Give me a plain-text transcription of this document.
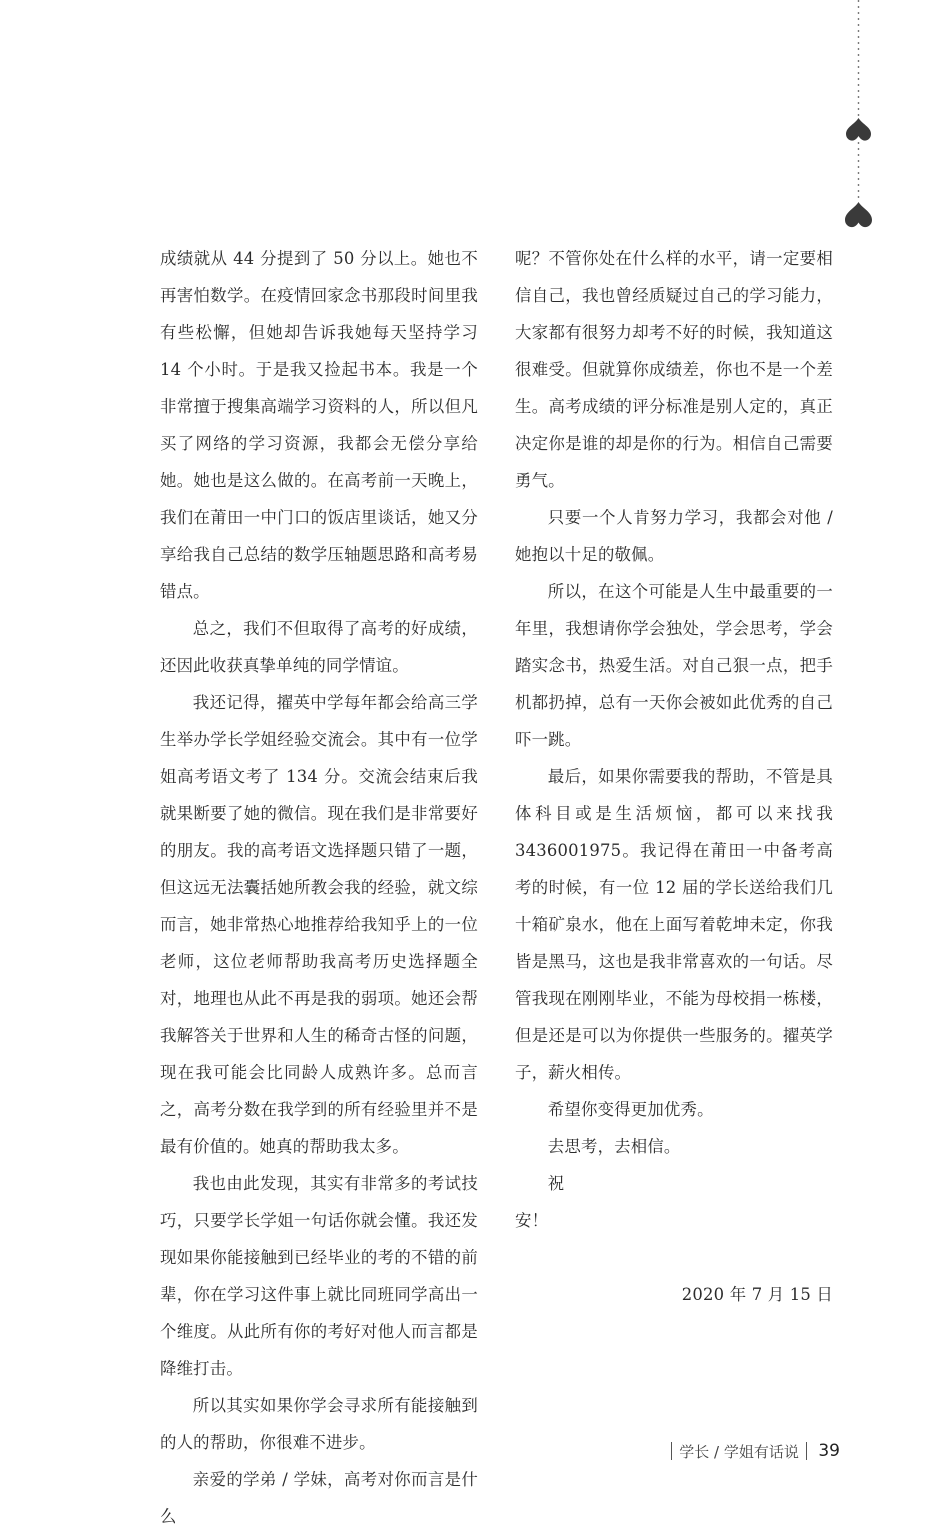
成绩就从 44 分提到了 50 分以上。她也不再害怕数学。在疫情回家念书那段时间里我有些松懈，但她却告诉我她每天坚持学习 14 个小时。于是我又捡起书本。我是一个非常擅于搜集高端学习资料的人，所以但凡买了网络的学习资源，我都会无偿分享给她。她也是这么做的。在高考前一天晚上，我们在莆田一中门口的饭店里谈话，她又分享给我自己总结的数学压轴题思路和高考易错点。

总之，我们不但取得了高考的好成绩，还因此收获真挚单纯的同学情谊。

我还记得，擢英中学每年都会给高三学生举办学长学姐经验交流会。其中有一位学姐高考语文考了 134 分。交流会结束后我就果断要了她的微信。现在我们是非常要好的朋友。我的高考语文选择题只错了一题，但这远无法囊括她所教会我的经验，就文综而言，她非常热心地推荐给我知乎上的一位老师，这位老师帮助我高考历史选择题全对，地理也从此不再是我的弱项。她还会帮我解答关于世界和人生的稀奇古怪的问题，现在我可能会比同龄人成熟许多。总而言之，高考分数在我学到的所有经验里并不是最有价值的。她真的帮助我太多。

我也由此发现，其实有非常多的考试技巧，只要学长学姐一句话你就会懂。我还发现如果你能接触到已经毕业的考的不错的前辈，你在学习这件事上就比同班同学高出一个维度。从此所有你的考好对他人而言都是降维打击。

所以其实如果你学会寻求所有能接触到的人的帮助，你很难不进步。

亲爱的学弟 / 学妹，高考对你而言是什么

呢？不管你处在什么样的水平，请一定要相信自己，我也曾经质疑过自己的学习能力，大家都有很努力却考不好的时候，我知道这很难受。但就算你成绩差，你也不是一个差生。高考成绩的评分标准是别人定的，真正决定你是谁的却是你的行为。相信自己需要勇气。

只要一个人肯努力学习，我都会对他 / 她抱以十足的敬佩。

所以，在这个可能是人生中最重要的一年里，我想请你学会独处，学会思考，学会踏实念书，热爱生活。对自己狠一点，把手机都扔掉，总有一天你会被如此优秀的自己吓一跳。

最后，如果你需要我的帮助，不管是具体科目或是生活烦恼，都可以来找我 3436001975。我记得在莆田一中备考高考的时候，有一位 12 届的学长送给我们几十箱矿泉水，他在上面写着乾坤未定，你我皆是黑马，这也是我非常喜欢的一句话。尽管我现在刚刚毕业，不能为母校捐一栋楼，但是还是可以为你提供一些服务的。擢英学子，薪火相传。

希望你变得更加优秀。

去思考，去相信。

祝

安！

2020 年 7 月 15 日

学长 / 学姐有话说 39
